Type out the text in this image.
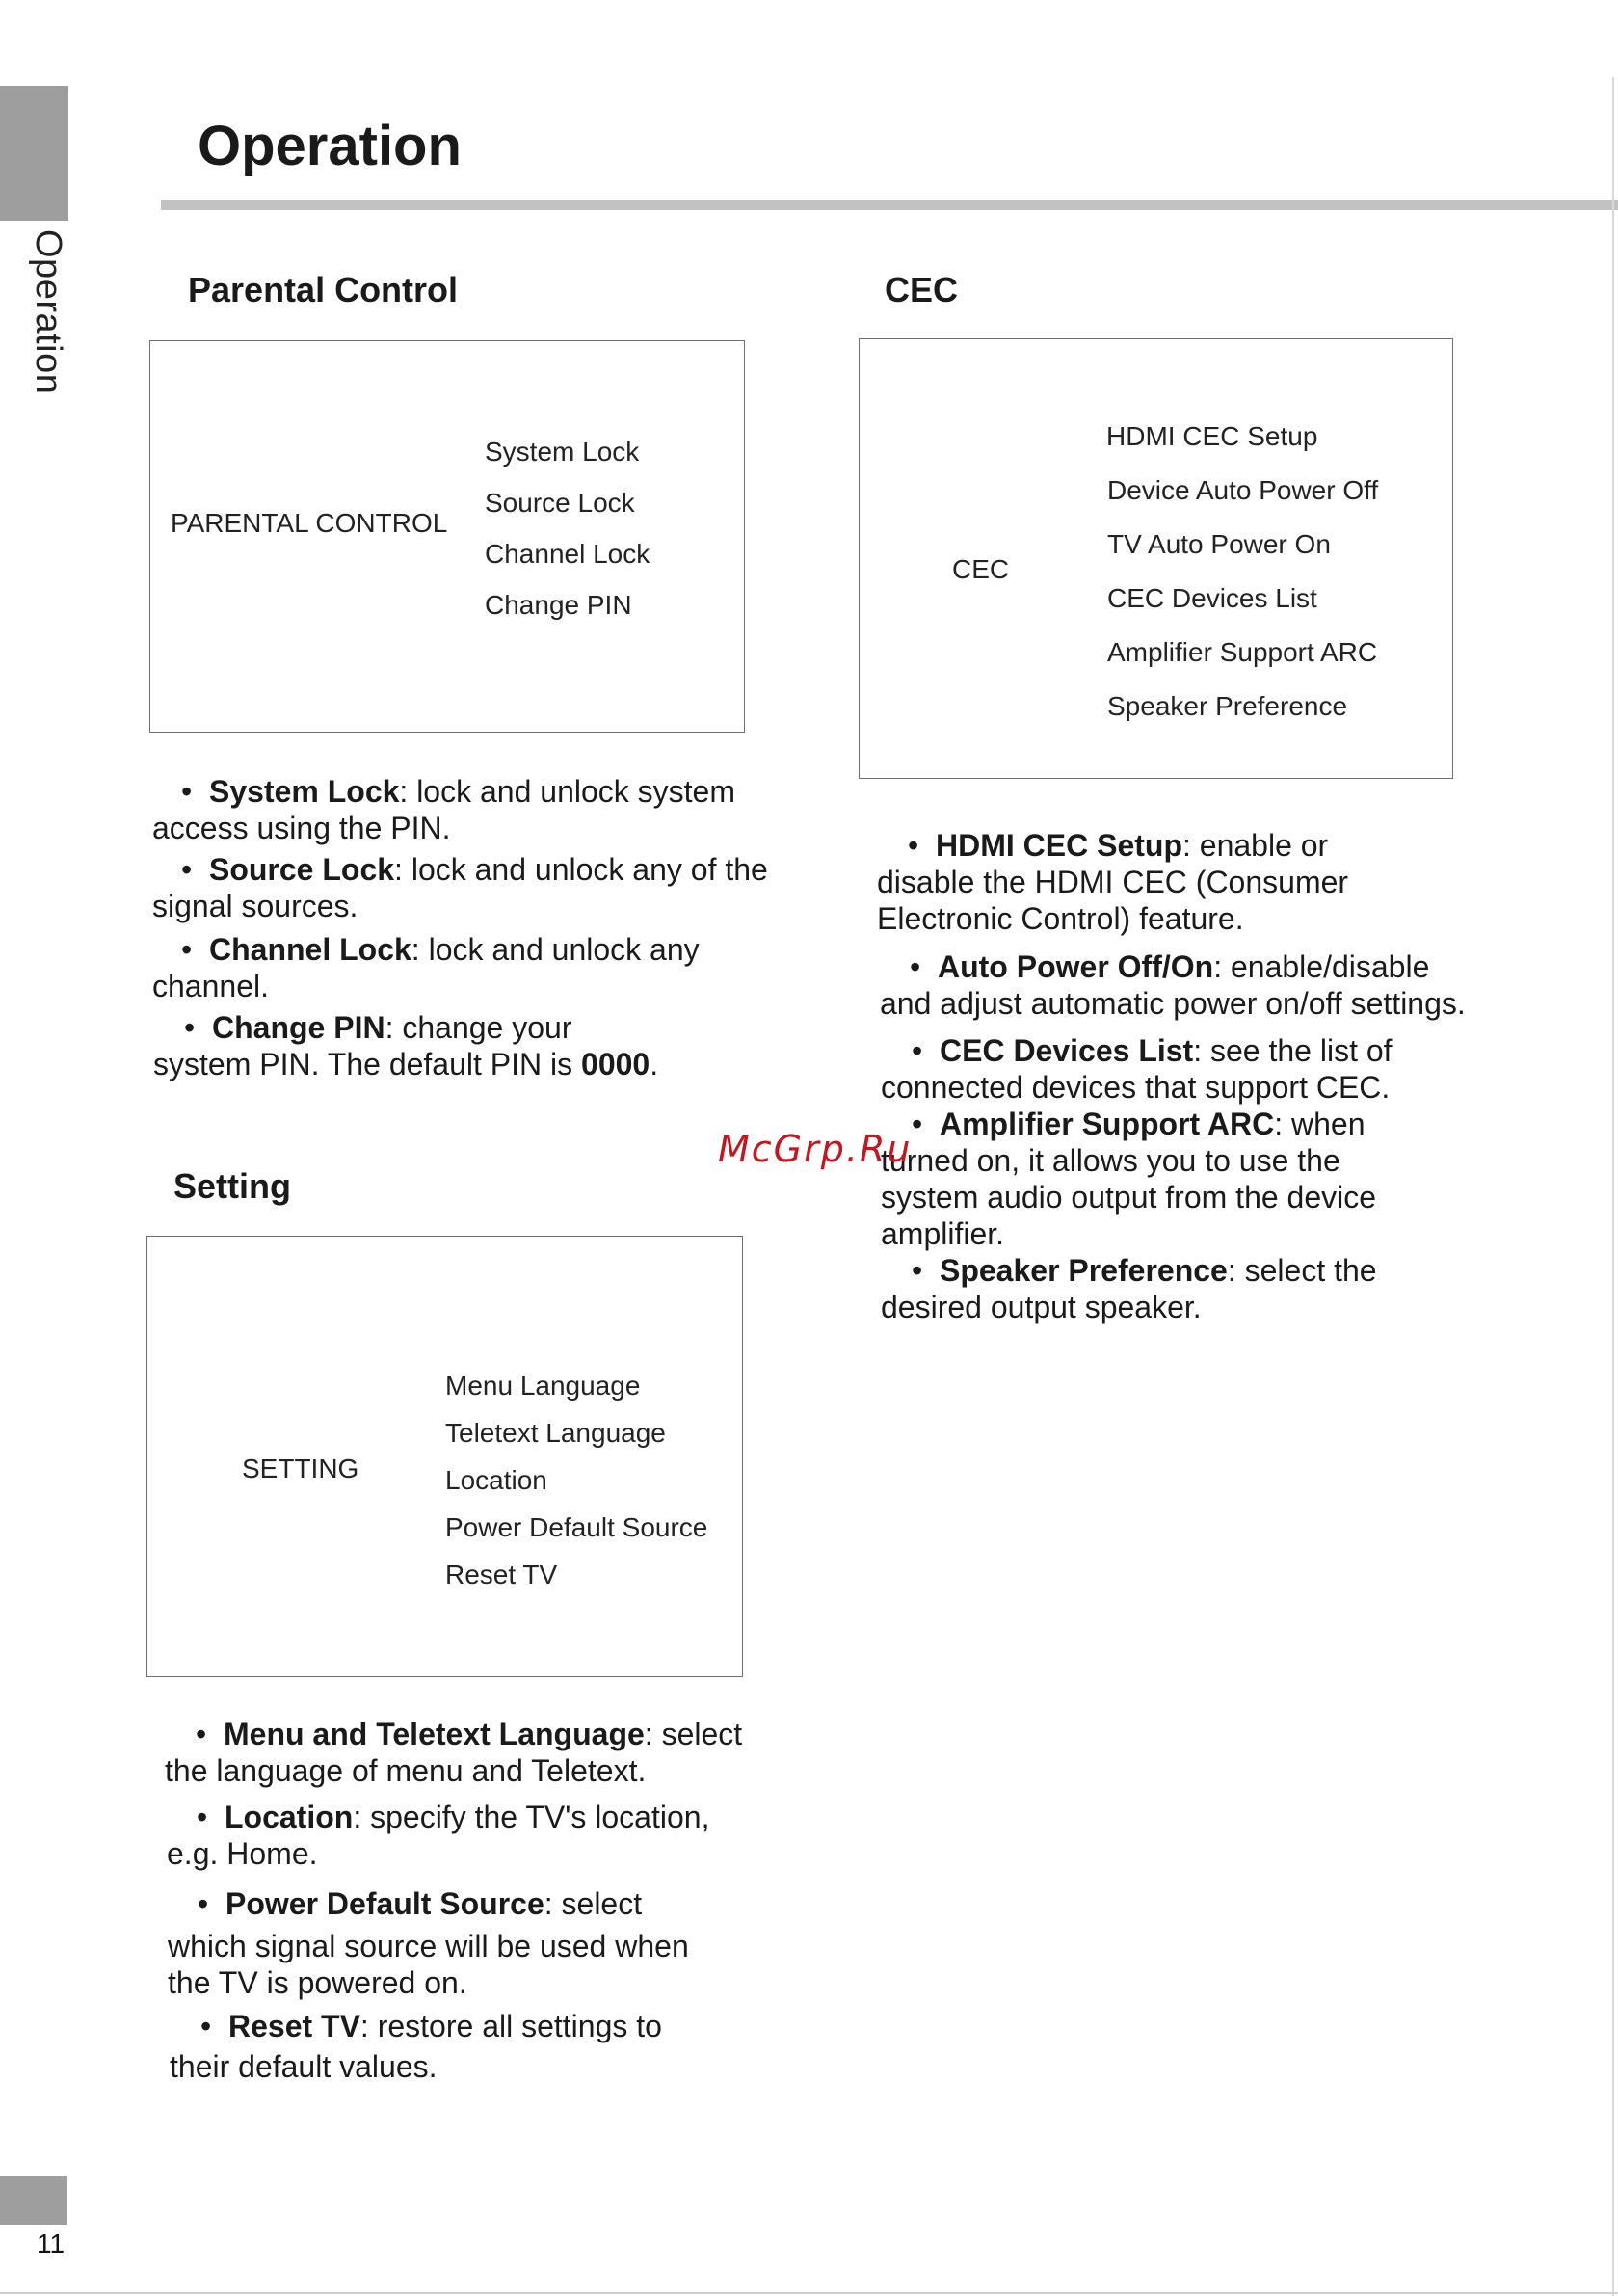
Operation
Operation
11
Parental Control
PARENTAL CONTROL
System Lock
Source Lock
Channel Lock
Change PIN
•  System Lock: lock and unlock system
access using the PIN.
•  Source Lock: lock and unlock any of the
signal sources.
•  Channel Lock: lock and unlock any
channel.
•  Change PIN: change your
system PIN. The default PIN is 0000.
Setting
SETTING
Menu Language
Teletext Language
Location
Power Default Source
Reset TV
•  Menu and Teletext Language: select
the language of menu and Teletext.
•  Location: specify the TV's location,
e.g. Home.
•  Power Default Source: select
which signal source will be used when
the TV is powered on.
•  Reset TV: restore all settings to
their default values.
CEC
CEC
HDMI CEC Setup
Device Auto Power Off
TV Auto Power On
CEC Devices List
Amplifier Support ARC
Speaker Preference
•  HDMI CEC Setup: enable or
disable the HDMI CEC (Consumer
Electronic Control) feature.
•  Auto Power Off/On: enable/disable
and adjust automatic power on/off settings.
•  CEC Devices List: see the list of
connected devices that support CEC.
•  Amplifier Support ARC: when
turned on, it allows you to use the
system audio output from the device
amplifier.
•  Speaker Preference: select the
desired output speaker.
McGrp.Ru
